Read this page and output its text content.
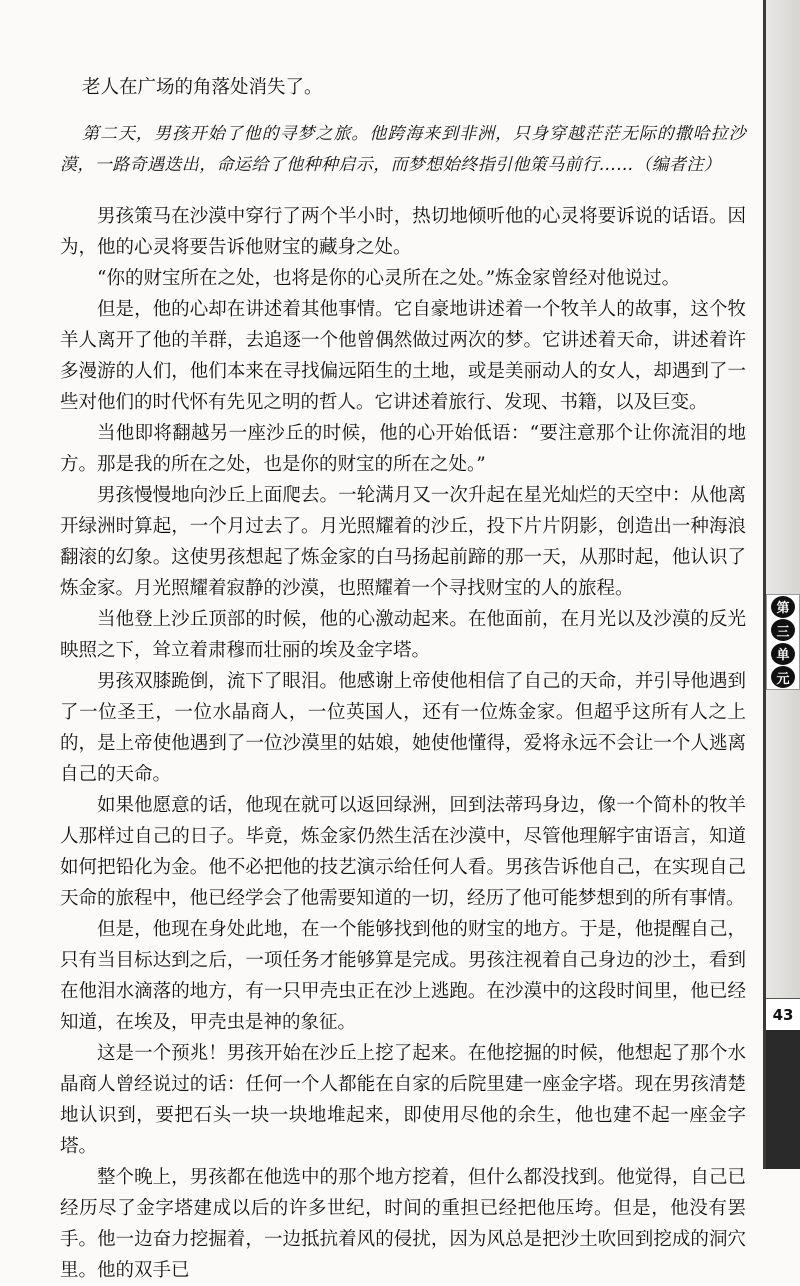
老人在广场的角落处消失了。

第二天，男孩开始了他的寻梦之旅。他跨海来到非洲，只身穿越茫茫无际的撒哈拉沙漠，一路奇遇迭出，命运给了他种种启示，而梦想始终指引他策马前行……（编者注）

男孩策马在沙漠中穿行了两个半小时，热切地倾听他的心灵将要诉说的话语。因为，他的心灵将要告诉他财宝的藏身之处。

“你的财宝所在之处，也将是你的心灵所在之处。”炼金家曾经对他说过。

但是，他的心却在讲述着其他事情。它自豪地讲述着一个牧羊人的故事，这个牧羊人离开了他的羊群，去追逐一个他曾偶然做过两次的梦。它讲述着天命，讲述着许多漫游的人们，他们本来在寻找偏远陌生的土地，或是美丽动人的女人，却遇到了一些对他们的时代怀有先见之明的哲人。它讲述着旅行、发现、书籍，以及巨变。

当他即将翻越另一座沙丘的时候，他的心开始低语：“要注意那个让你流泪的地方。那是我的所在之处，也是你的财宝的所在之处。”

男孩慢慢地向沙丘上面爬去。一轮满月又一次升起在星光灿烂的天空中：从他离开绿洲时算起，一个月过去了。月光照耀着的沙丘，投下片片阴影，创造出一种海浪翻滚的幻象。这使男孩想起了炼金家的白马扬起前蹄的那一天，从那时起，他认识了炼金家。月光照耀着寂静的沙漠，也照耀着一个寻找财宝的人的旅程。

当他登上沙丘顶部的时候，他的心激动起来。在他面前，在月光以及沙漠的反光映照之下，耸立着肃穆而壮丽的埃及金字塔。

男孩双膝跪倒，流下了眼泪。他感谢上帝使他相信了自己的天命，并引导他遇到了一位圣王，一位水晶商人，一位英国人，还有一位炼金家。但超乎这所有人之上的，是上帝使他遇到了一位沙漠里的姑娘，她使他懂得，爱将永远不会让一个人逃离自己的天命。

如果他愿意的话，他现在就可以返回绿洲，回到法蒂玛身边，像一个简朴的牧羊人那样过自己的日子。毕竟，炼金家仍然生活在沙漠中，尽管他理解宇宙语言，知道如何把铅化为金。他不必把他的技艺演示给任何人看。男孩告诉他自己，在实现自己天命的旅程中，他已经学会了他需要知道的一切，经历了他可能梦想到的所有事情。

但是，他现在身处此地，在一个能够找到他的财宝的地方。于是，他提醒自己，只有当目标达到之后，一项任务才能够算是完成。男孩注视着自己身边的沙土，看到在他泪水滴落的地方，有一只甲壳虫正在沙上逃跑。在沙漠中的这段时间里，他已经知道，在埃及，甲壳虫是神的象征。

这是一个预兆！男孩开始在沙丘上挖了起来。在他挖掘的时候，他想起了那个水晶商人曾经说过的话：任何一个人都能在自家的后院里建一座金字塔。现在男孩清楚地认识到，要把石头一块一块地堆起来，即使用尽他的余生，他也建不起一座金字塔。

整个晚上，男孩都在他选中的那个地方挖着，但什么都没找到。他觉得，自己已经历尽了金字塔建成以后的许多世纪，时间的重担已经把他压垮。但是，他没有罢手。他一边奋力挖掘着，一边抵抗着风的侵扰，因为风总是把沙土吹回到挖成的洞穴里。他的双手已

第
三
单
元
43
